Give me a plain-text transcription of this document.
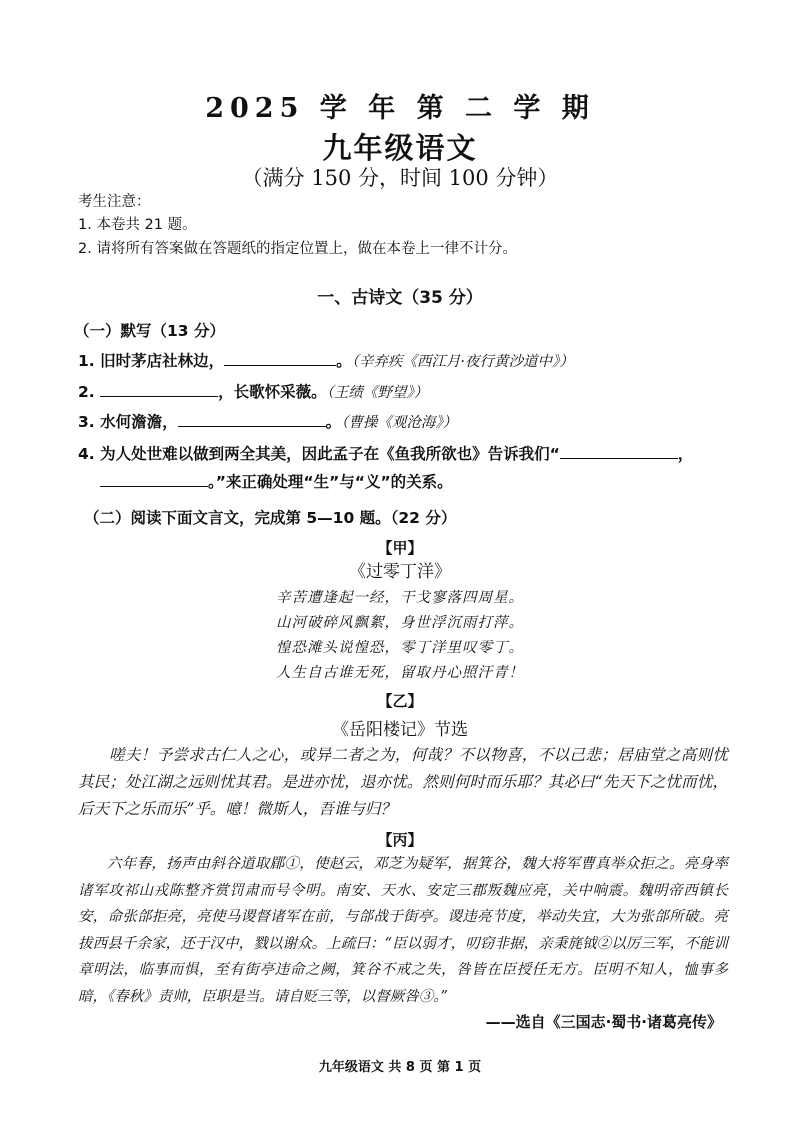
2025 学 年 第 二 学 期
九年级语文
（满分 150 分，时间 100 分钟）
考生注意：
1. 本卷共 21 题。
2. 请将所有答案做在答题纸的指定位置上，做在本卷上一律不计分。
一、古诗文（35 分）
（一）默写（13 分）
1. 旧时茅店社林边，	。（辛弃疾《西江月·夜行黄沙道中》）
2.	，长歌怀采薇。（王绩《野望》）
3. 水何澹澹，	。（曹操《观沧海》）
4. 为人处世难以做到两全其美，因此孟子在《鱼我所欲也》告诉我们“	，
。”来正确处理“生”与“义”的关系。
（二）阅读下面文言文，完成第 5—10 题。（22 分）
【甲】
《过零丁洋》
辛苦遭逢起一经，干戈寥落四周星。
山河破碎风飘絮，身世浮沉雨打萍。
惶恐滩头说惶恐，零丁洋里叹零丁。
人生自古谁无死，留取丹心照汗青！
【乙】
《岳阳楼记》节选
嗟夫！予尝求古仁人之心，或异二者之为，何哉？不以物喜，不以己悲；居庙堂之高则忧其民；处江湖之远则忧其君。是进亦忧，退亦忧。然则何时而乐耶？其必曰“先天下之忧而忧，后天下之乐而乐”乎。噫！微斯人，吾谁与归？
【丙】
六年春，扬声由斜谷道取郿①，使赵云，邓芝为疑军，据箕谷，魏大将军曹真举众拒之。亮身率诸军攻祁山戎陈整齐赏罚肃而号令明。南安、天水、安定三郡叛魏应亮，关中响震。魏明帝西镇长安，命张郃拒亮，亮使马谡督诸军在前，与郃战于街亭。谡违亮节度，举动失宜，大为张郃所破。亮拔西县千余家，还于汉中，戮以谢众。上疏曰：“臣以弱才，叨窃非据，亲秉旄钺②以厉三军，不能训章明法，临事而惧，至有街亭违命之阙，箕谷不戒之失，咎皆在臣授任无方。臣明不知人，恤事多暗，《春秋》责帅，臣职是当。请自贬三等，以督厥咎③。”
——选自《三国志·蜀书·诸葛亮传》
九年级语文 共 8 页 第 1 页
